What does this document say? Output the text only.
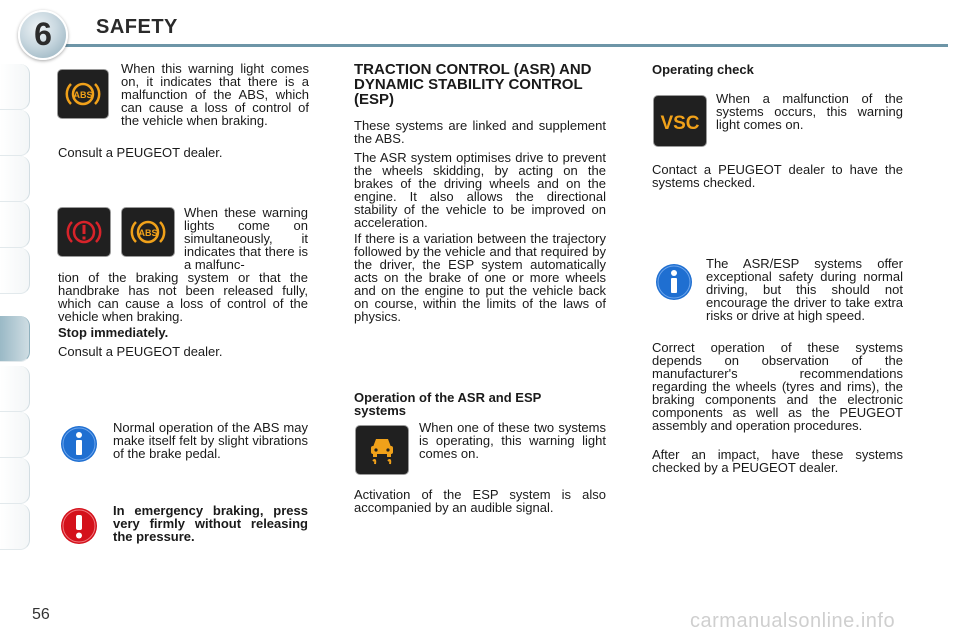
6 SAFETY
ABS
When this warning light comes on, it indicates that there is a malfunction of the ABS, which can cause a loss of control of the vehicle when braking.
Consult a PEUGEOT dealer.
ABS
When these warning lights come on simultaneously, it indicates that there is a malfunc-
tion of the braking system or that the handbrake has not been released fully, which can cause a loss of control of the vehicle when braking.
Stop immediately.
Consult a PEUGEOT dealer.
Normal operation of the ABS may make itself felt by slight vibrations of the brake pedal.
In emergency braking, press very firmly without releasing the pressure.
TRACTION CONTROL (ASR) AND DYNAMIC STABILITY CONTROL (ESP)
These systems are linked and supplement the ABS.
The ASR system optimises drive to prevent the wheels skidding, by acting on the brakes of the driving wheels and on the engine. It also allows the directional stability of the vehicle to be improved on acceleration.
If there is a variation between the trajectory followed by the vehicle and that required by the driver, the ESP system automatically acts on the brake of one or more wheels and on the engine to put the vehicle back on course, within the limits of the laws of physics.
Operation of the ASR and ESP systems
When one of these two systems is operating, this warning light comes on.
Activation of the ESP system is also accompanied by an audible signal.
Operating check
VSC
When a malfunction of the systems occurs, this warning light comes on.
Contact a PEUGEOT dealer to have the systems checked.
The ASR/ESP systems offer exceptional safety during normal driving, but this should not encourage the driver to take extra risks or drive at high speed.
Correct operation of these systems depends on observation of the manufacturer's recommendations regarding the wheels (tyres and rims), the braking components and the electronic components as well as the PEUGEOT assembly and operation procedures.
After an impact, have these systems checked by a PEUGEOT dealer.
56	carmanualsonline.info
